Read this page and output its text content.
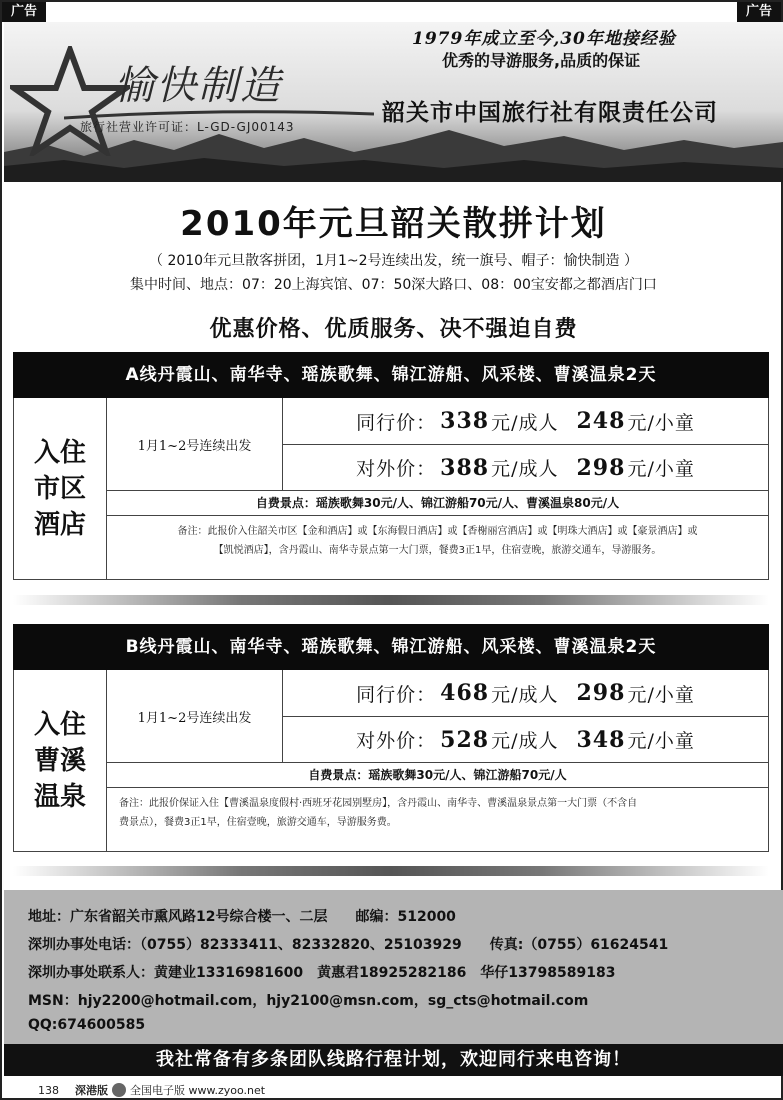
广告	广告
愉快制造
旅行社营业许可证：L-GD-GJ00143
1979年成立至今,30年地接经验
优秀的导游服务,品质的保证
韶关市中国旅行社有限责任公司
2010年元旦韶关散拼计划
（ 2010年元旦散客拼团，1月1~2号连续出发，统一旗号、帽子：愉快制造 ）
集中时间、地点：07：20上海宾馆、07：50深大路口、08：00宝安都之都酒店门口
优惠价格、优质服务、决不强迫自费
A线丹霞山、南华寺、瑶族歌舞、锦江游船、风采楼、曹溪温泉2天
入住
市区
酒店
1月1~2号连续出发
同行价： 338 元/成人 248 元/小童
对外价： 388 元/成人 298 元/小童
自费景点：瑶族歌舞30元/人、锦江游船70元/人、曹溪温泉80元/人
备注：此报价入住韶关市区【金和酒店】或【东海假日酒店】或【香榭丽宫酒店】或【明珠大酒店】或【豪景酒店】或
【凯悦酒店】，含丹霞山、南华寺景点第一大门票，餐费3正1早，住宿壹晚，旅游交通车，导游服务。
B线丹霞山、南华寺、瑶族歌舞、锦江游船、风采楼、曹溪温泉2天
入住
曹溪
温泉
1月1~2号连续出发
同行价： 468 元/成人 298 元/小童
对外价： 528 元/成人 348 元/小童
自费景点：瑶族歌舞30元/人、锦江游船70元/人
备注：此报价保证入住【曹溪温泉度假村·西班牙花园别墅房】，含丹霞山、南华寺、曹溪温泉景点第一大门票（不含自
费景点），餐费3正1早，住宿壹晚，旅游交通车，导游服务费。
地址：广东省韶关市熏风路12号综合楼一、二层　　邮编：512000
深圳办事处电话：（0755）82333411、82332820、25103929　　传真:（0755）61624541
深圳办事处联系人：黄建业13316981600　黄惠君18925282186　华仔13798589183
MSN：hjy2200@hotmail.com，hjy2100@msn.com，sg_cts@hotmail.com
QQ:674600585
我社常备有多条团队线路行程计划，欢迎同行来电咨询！
138 深港版 全国电子版 www.zyoo.net
